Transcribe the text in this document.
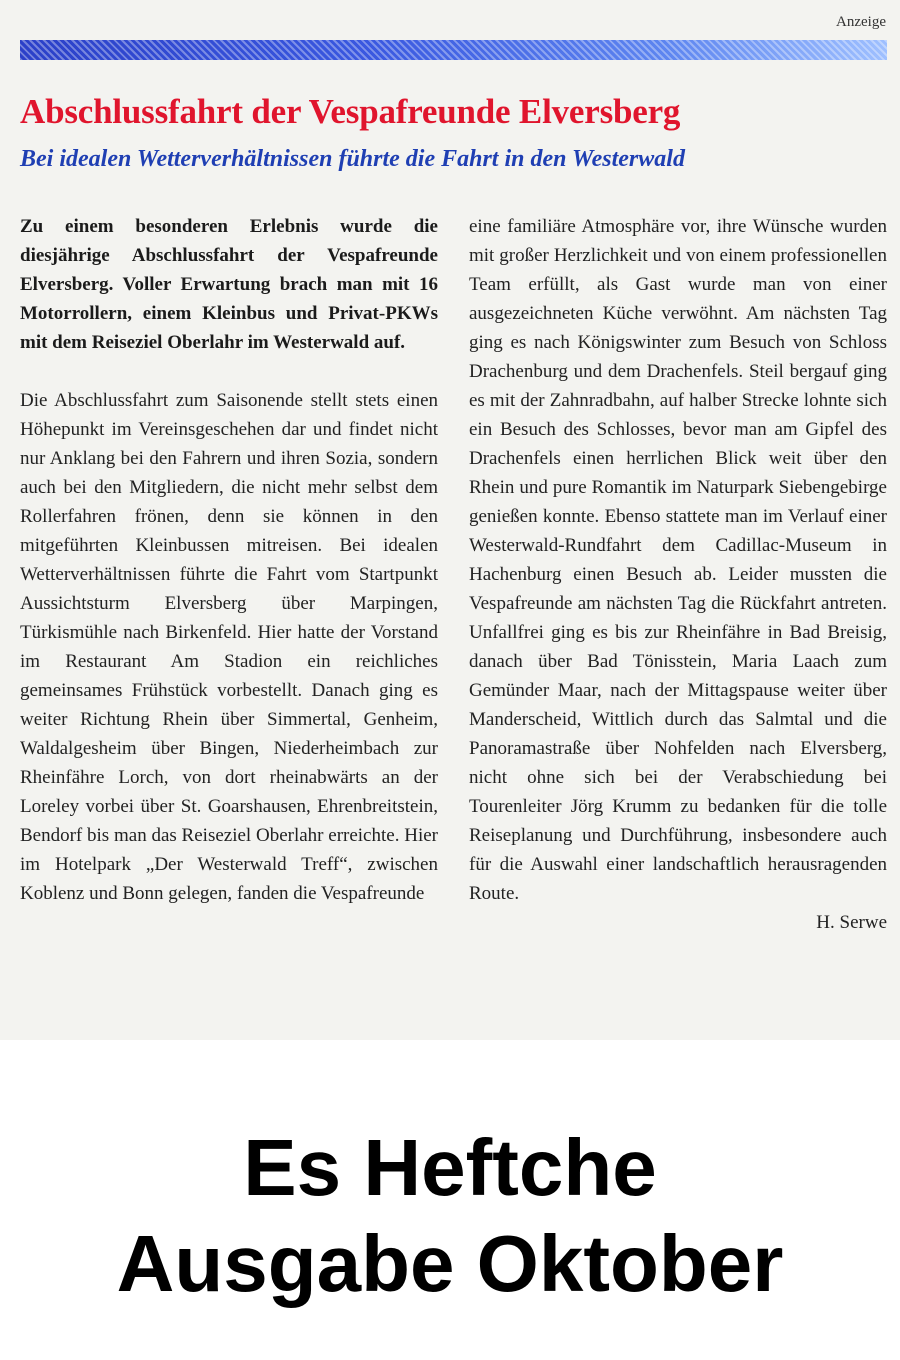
Anzeige
Abschlussfahrt der Vespafreunde Elversberg
Bei idealen Wetterverhältnissen führte die Fahrt in den Westerwald

Zu einem besonderen Erlebnis wurde die diesjährige Abschlussfahrt der Vespafreunde Elversberg. Voller Erwartung brach man mit 16 Motorrollern, einem Kleinbus und Privat-PKWs mit dem Reiseziel Oberlahr im Westerwald auf.

Die Abschlussfahrt zum Saisonende stellt stets einen Höhepunkt im Vereinsgeschehen dar und findet nicht nur Anklang bei den Fahrern und ihren Sozia, sondern auch bei den Mitgliedern, die nicht mehr selbst dem Rollerfahren frönen, denn sie können in den mitgeführten Kleinbussen mitreisen. Bei idealen Wetterverhältnissen führte die Fahrt vom Startpunkt Aussichtsturm Elversberg über Marpingen, Türkismühle nach Birkenfeld. Hier hatte der Vorstand im Restaurant Am Stadion ein reichliches gemeinsames Frühstück vorbestellt. Danach ging es weiter Richtung Rhein über Simmertal, Genheim, Waldalgesheim über Bingen, Niederheimbach zur Rheinfähre Lorch, von dort rheinabwärts an der Loreley vorbei über St. Goarshausen, Ehrenbreitstein, Bendorf bis man das Reiseziel Oberlahr erreichte. Hier im Hotelpark „Der Westerwald Treff“, zwischen Koblenz und Bonn gelegen, fanden die Vespafreunde

eine familiäre Atmosphäre vor, ihre Wünsche wurden mit großer Herzlichkeit und von einem professionellen Team erfüllt, als Gast wurde man von einer ausgezeichneten Küche verwöhnt. Am nächsten Tag ging es nach Königswinter zum Besuch von Schloss Drachenburg und dem Drachenfels. Steil bergauf ging es mit der Zahnradbahn, auf halber Strecke lohnte sich ein Besuch des Schlosses, bevor man am Gipfel des Drachenfels einen herrlichen Blick weit über den Rhein und pure Romantik im Naturpark Siebengebirge genießen konnte. Ebenso stattete man im Verlauf einer Westerwald-Rundfahrt dem Cadillac-Museum in Hachenburg einen Besuch ab. Leider mussten die Vespafreunde am nächsten Tag die Rückfahrt antreten. Unfallfrei ging es bis zur Rheinfähre in Bad Breisig, danach über Bad Tönisstein, Maria Laach zum Gemünder Maar, nach der Mittagspause weiter über Manderscheid, Wittlich durch das Salmtal und die Panoramastraße über Nohfelden nach Elversberg, nicht ohne sich bei der Verabschiedung bei Tourenleiter Jörg Krumm zu bedanken für die tolle Reiseplanung und Durchführung, insbesondere auch für die Auswahl einer landschaftlich herausragenden Route.

H. Serwe

Es Heftche
Ausgabe Oktober
